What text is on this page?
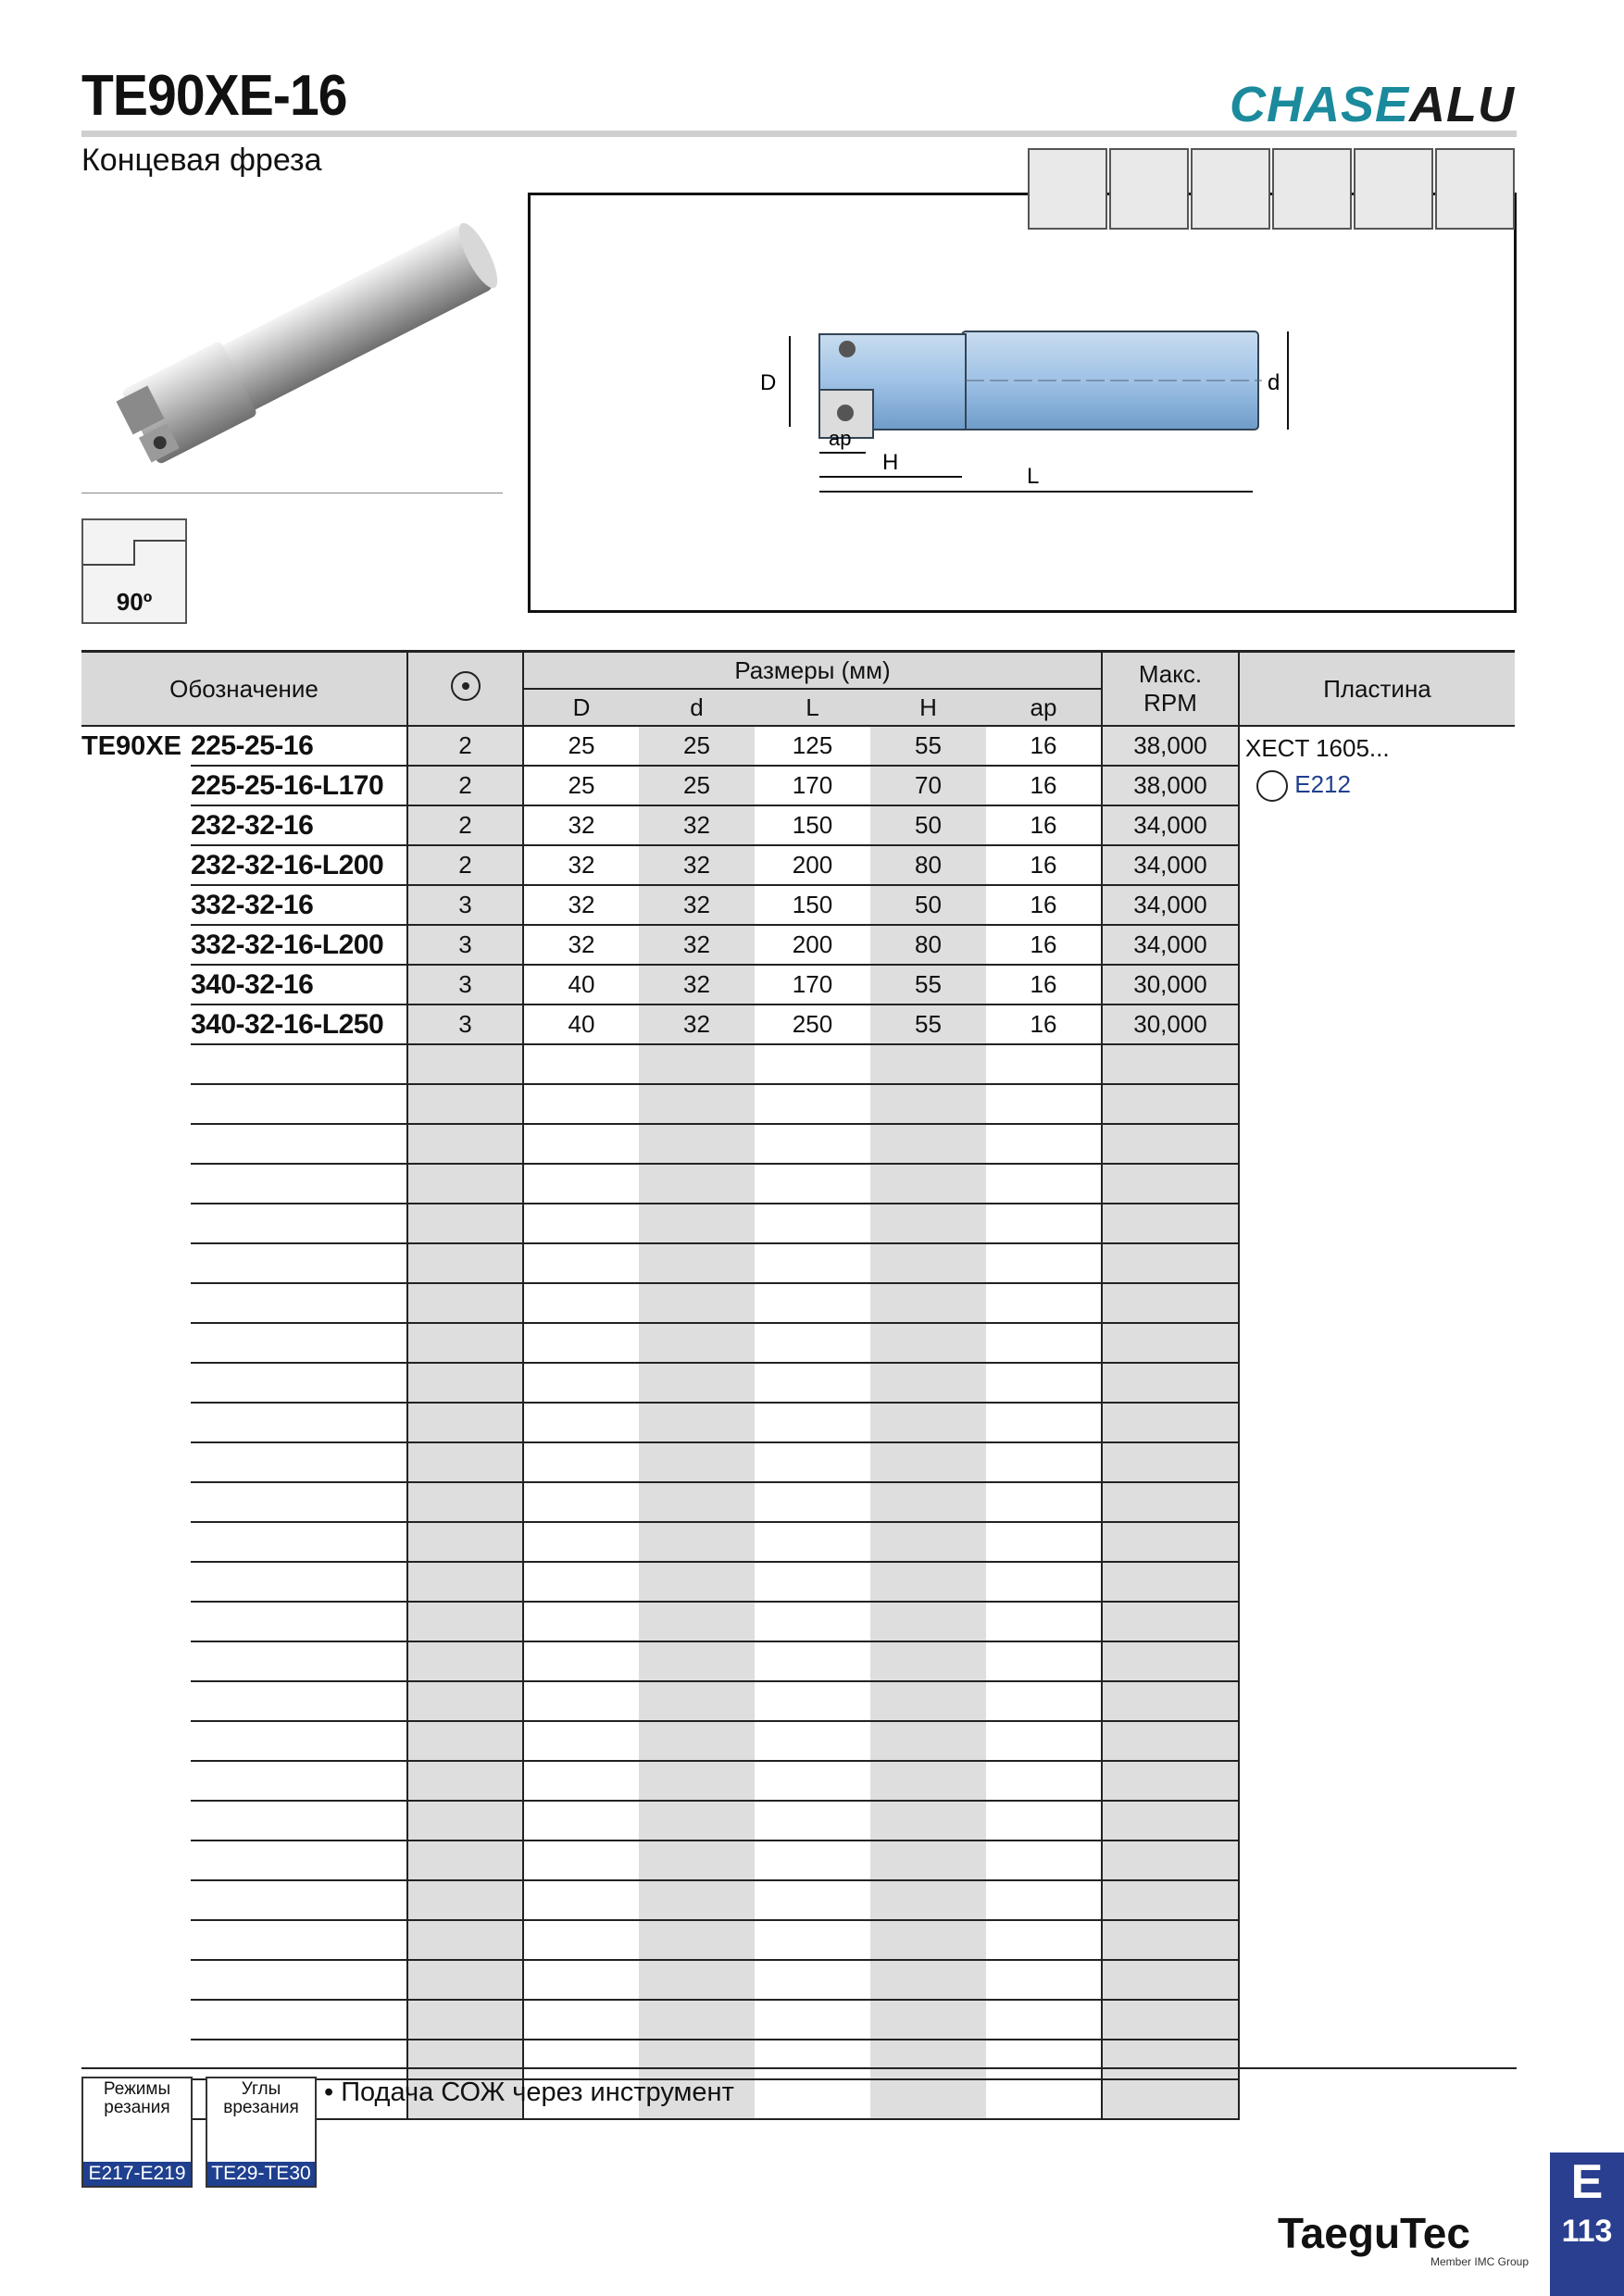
TE90XE-16
Концевая фреза
CHASEALU
90º
D	d
ap
H
L
Обозначение			Размеры (мм)					Макс.
RPM	Пластина
			D	d	L	H	ap		
TE90XE	225-25-16	2	25	25	125	55	16	38,000	XECT 1605...
E212

	225-25-16-L170	2	25	25	170	70	16	38,000	
	232-32-16	2	32	32	150	50	16	34,000	
	232-32-16-L200	2	32	32	200	80	16	34,000	
	332-32-16	3	32	32	150	50	16	34,000	
	332-32-16-L200	3	32	32	200	80	16	34,000	
	340-32-16	3	40	32	170	55	16	30,000	
	340-32-16-L250	3	40	32	250	55	16	30,000	

Режимы резания
E217-E219
Углы врезания
TE29-TE30
• Подача СОЖ через инструмент
TaeguTec
Member IMC Group
E
113
